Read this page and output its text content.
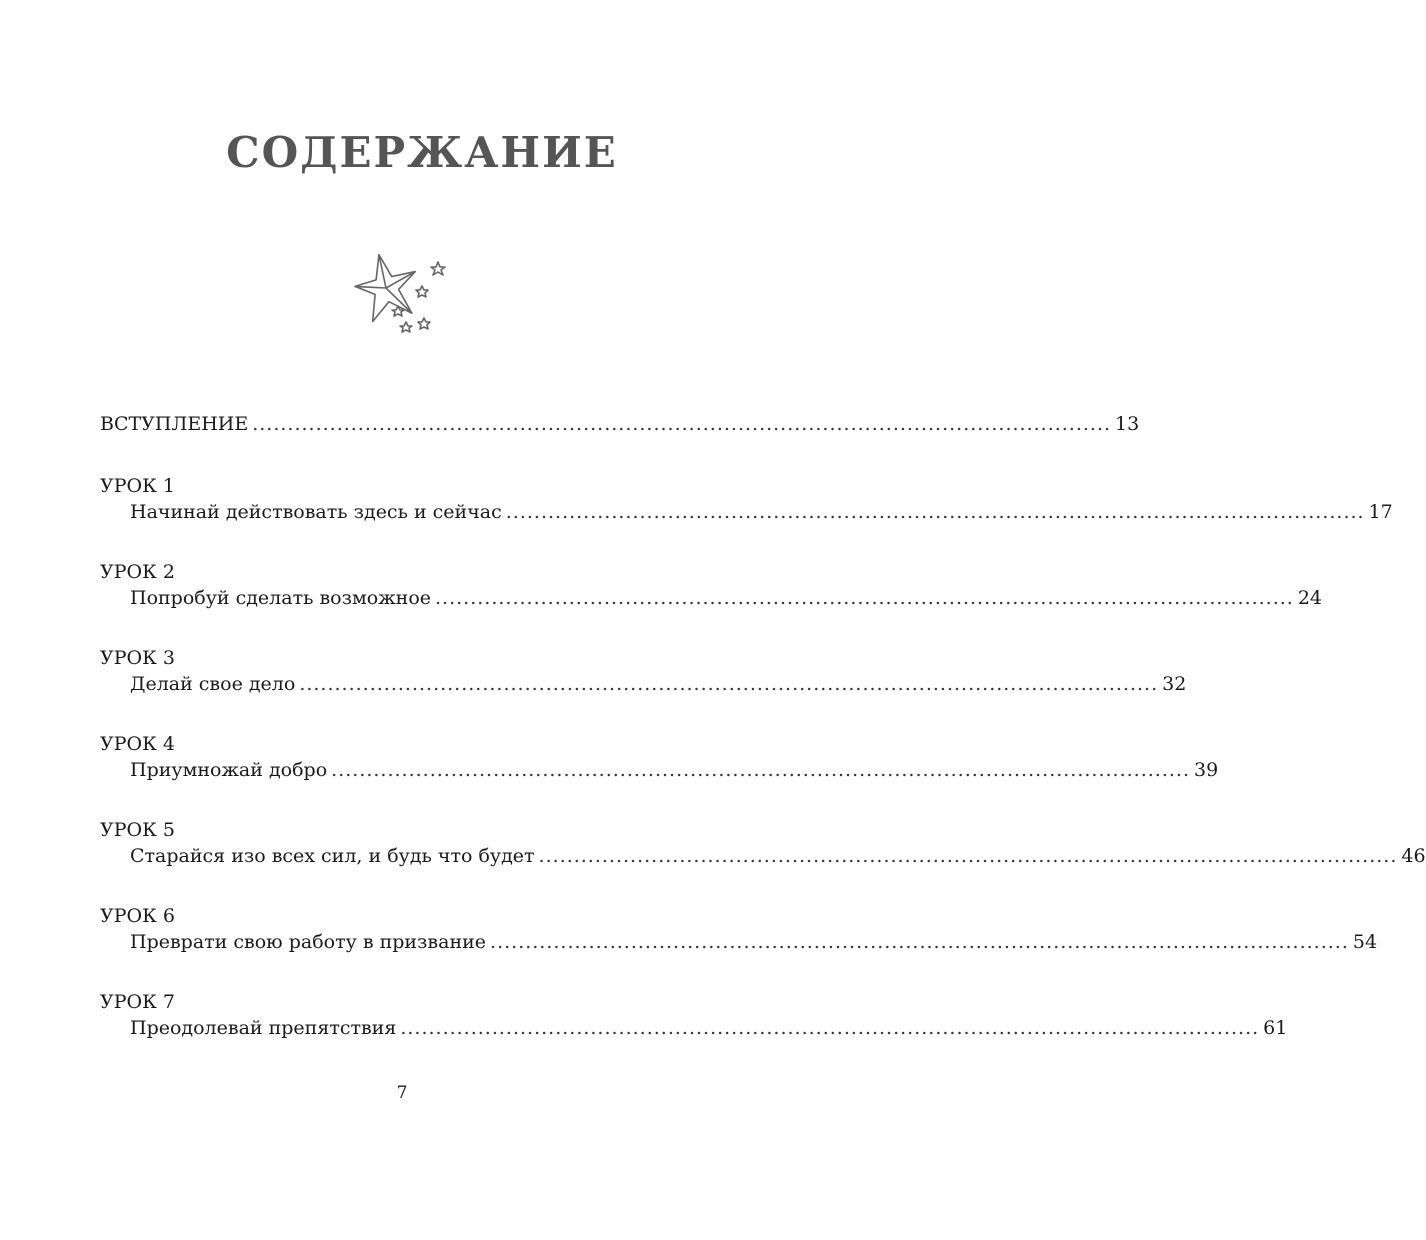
СОДЕРЖАНИЕ
ВСТУПЛЕНИЕ .......................................................................................................................... 13
УРОК 1
Начинай действовать здесь и сейчас .......................................................................................................................... 17
УРОК 2
Попробуй сделать возможное .......................................................................................................................... 24
УРОК 3
Делай свое дело .......................................................................................................................... 32
УРОК 4
Приумножай добро .......................................................................................................................... 39
УРОК 5
Старайся изо всех сил, и будь что будет .......................................................................................................................... 46
УРОК 6
Преврати свою работу в призвание .......................................................................................................................... 54
УРОК 7
Преодолевай препятствия .......................................................................................................................... 61
7
